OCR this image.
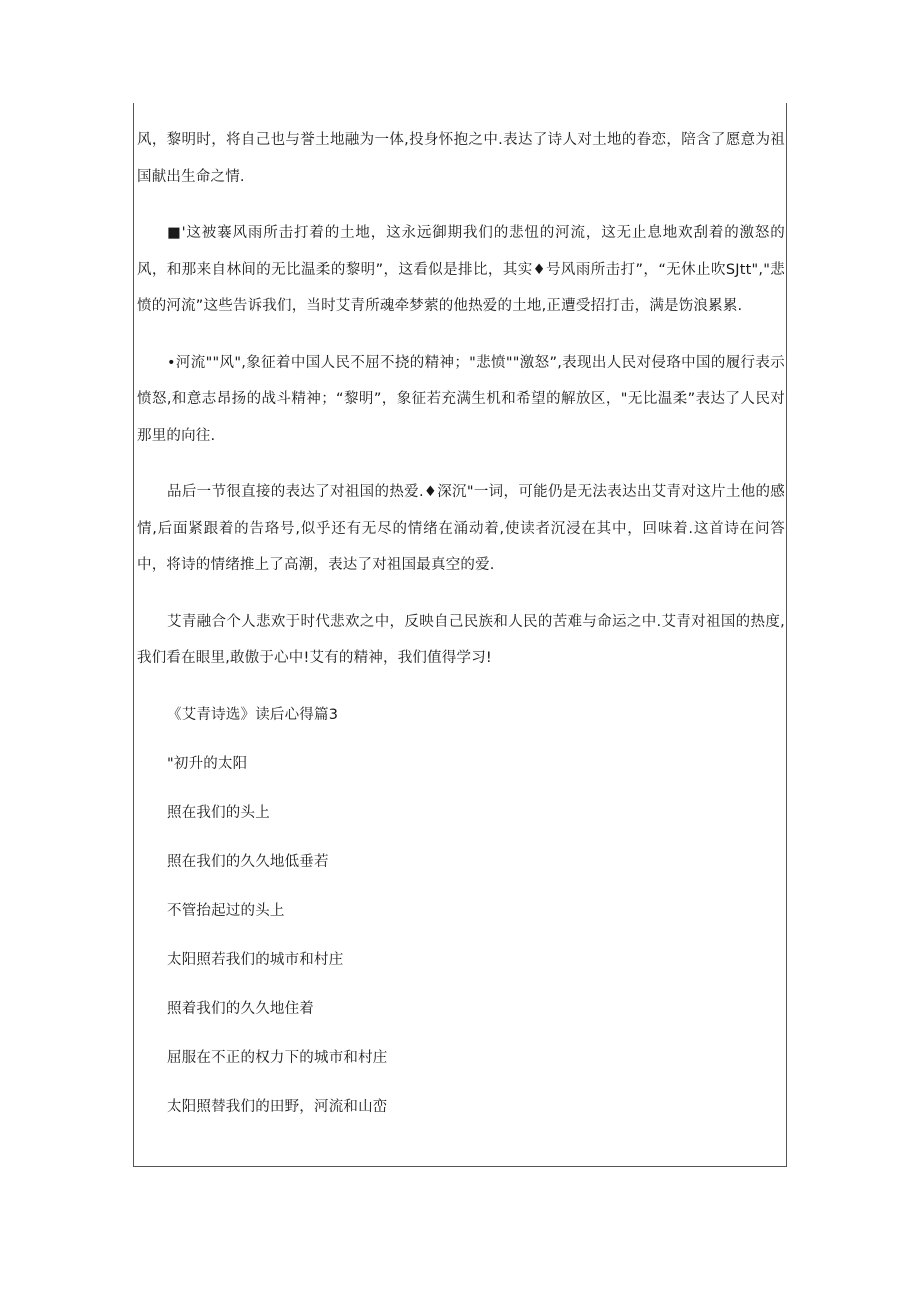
风，黎明时，将自己也与誉土地融为一体,投身怀抱之中.表达了诗人对土地的眷恋，陪含了愿意为祖国献出生命之情.

■'这被褰风雨所击打着的土地，这永远御期我们的悲忸的河流，这无止息地欢刮着的激怒的风，和那来自林间的无比温柔的黎明”，这看似是排比，其实♦号风雨所击打”，“无休止吹SJtt","悲愤的河流”这些告诉我们，当时艾青所魂牵梦萦的他热爱的土地,正遭受招打击，满是饬浪累累.

•河流""风",象征着中国人民不屈不挠的精神；"悲愤""激怒”,表现出人民对侵珞中国的履行表示愤怒,和意志昂扬的战斗精神；“黎明”，象征若充满生机和希望的解放区，"无比温柔”表达了人民对那里的向往.

品后一节很直接的表达了对祖国的热爱.♦深沉"一词，可能仍是无法表达出艾青对这片土他的感情,后面紧跟着的告珞号,似乎还有无尽的情绪在涌动着,使读者沉浸在其中，回味着.这首诗在问答中，将诗的情绪推上了高潮，表达了对祖国最真空的爱.

艾青融合个人悲欢于时代悲欢之中，反映自己民族和人民的苦难与命运之中.艾青对祖国的热度,我们看在眼里,敢傲于心中!艾有的精神，我们值得学习!

《艾青诗选》读后心得篇3

"初升的太阳

照在我们的头上

照在我们的久久地低垂若

不管抬起过的头上

太阳照若我们的城市和村庄

照着我们的久久地住着

屈服在不正的权力下的城市和村庄

太阳照替我们的田野，河流和山峦
